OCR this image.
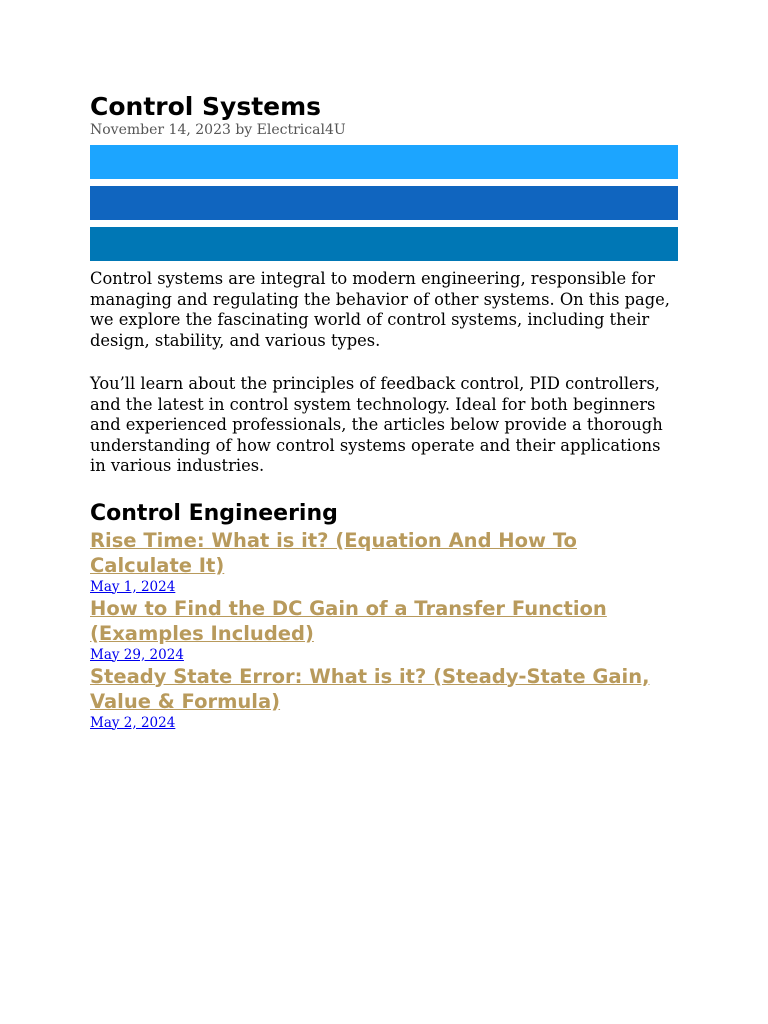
Control Systems

November 14, 2023 by Electrical4U

Control systems are integral to modern engineering, responsible for managing and regulating the behavior of other systems. On this page, we explore the fascinating world of control systems, including their design, stability, and various types.

You’ll learn about the principles of feedback control, PID controllers, and the latest in control system technology. Ideal for both beginners and experienced professionals, the articles below provide a thorough understanding of how control systems operate and their applications in various industries.

Control Engineering
Rise Time: What is it? (Equation And How To Calculate It)
May 1, 2024
How to Find the DC Gain of a Transfer Function (Examples Included)
May 29, 2024
Steady State Error: What is it? (Steady-State Gain, Value & Formula)
May 2, 2024
